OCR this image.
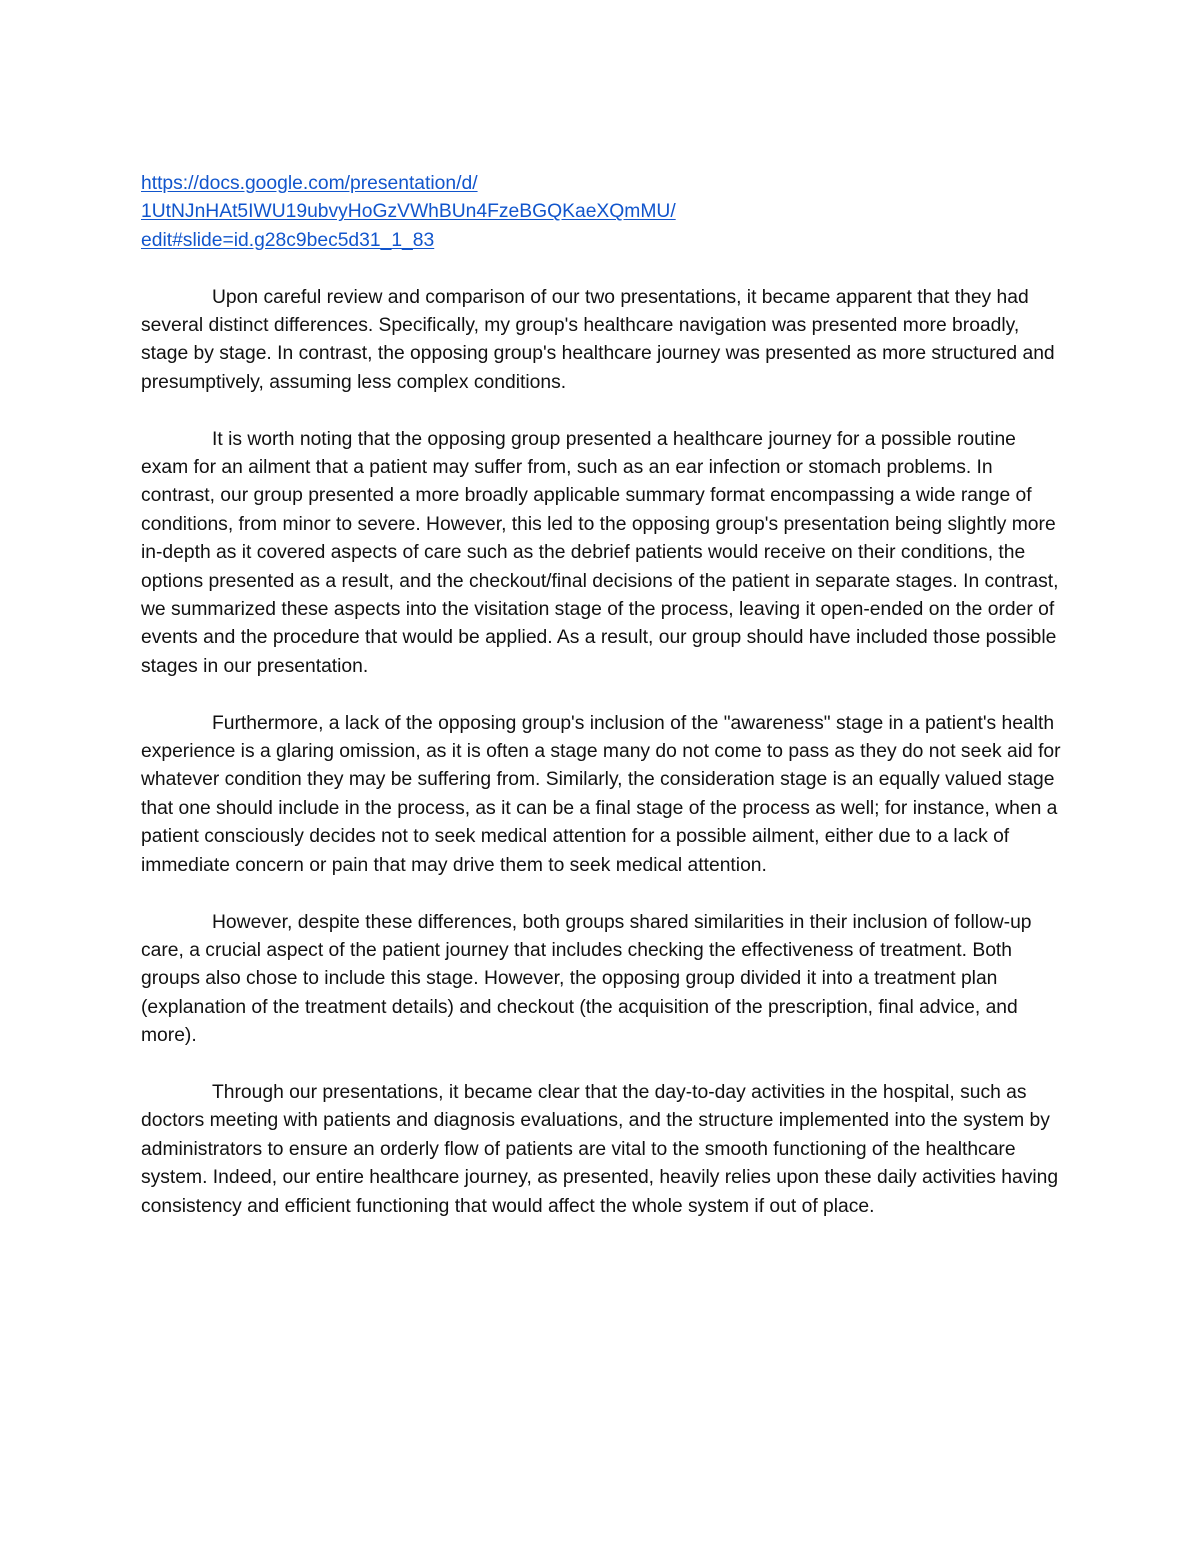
https://docs.google.com/presentation/d/
1UtNJnHAt5IWU19ubvyHoGzVWhBUn4FzeBGQKaeXQmMU/
edit#slide=id.g28c9bec5d31_1_83

Upon careful review and comparison of our two presentations, it became apparent that they had several distinct differences. Specifically, my group's healthcare navigation was presented more broadly, stage by stage. In contrast, the opposing group's healthcare journey was presented as more structured and presumptively, assuming less complex conditions.

It is worth noting that the opposing group presented a healthcare journey for a possible routine exam for an ailment that a patient may suffer from, such as an ear infection or stomach problems. In contrast, our group presented a more broadly applicable summary format encompassing a wide range of conditions, from minor to severe. However, this led to the opposing group's presentation being slightly more in-depth as it covered aspects of care such as the debrief patients would receive on their conditions, the options presented as a result, and the checkout/final decisions of the patient in separate stages. In contrast, we summarized these aspects into the visitation stage of the process, leaving it open-ended on the order of events and the procedure that would be applied. As a result, our group should have included those possible stages in our presentation.

Furthermore, a lack of the opposing group's inclusion of the "awareness" stage in a patient's health experience is a glaring omission, as it is often a stage many do not come to pass as they do not seek aid for whatever condition they may be suffering from. Similarly, the consideration stage is an equally valued stage that one should include in the process, as it can be a final stage of the process as well; for instance, when a patient consciously decides not to seek medical attention for a possible ailment, either due to a lack of immediate concern or pain that may drive them to seek medical attention.

However, despite these differences, both groups shared similarities in their inclusion of follow-up care, a crucial aspect of the patient journey that includes checking the effectiveness of treatment. Both groups also chose to include this stage. However, the opposing group divided it into a treatment plan (explanation of the treatment details) and checkout (the acquisition of the prescription, final advice, and more).

Through our presentations, it became clear that the day-to-day activities in the hospital, such as doctors meeting with patients and diagnosis evaluations, and the structure implemented into the system by administrators to ensure an orderly flow of patients are vital to the smooth functioning of the healthcare system. Indeed, our entire healthcare journey, as presented, heavily relies upon these daily activities having consistency and efficient functioning that would affect the whole system if out of place.
